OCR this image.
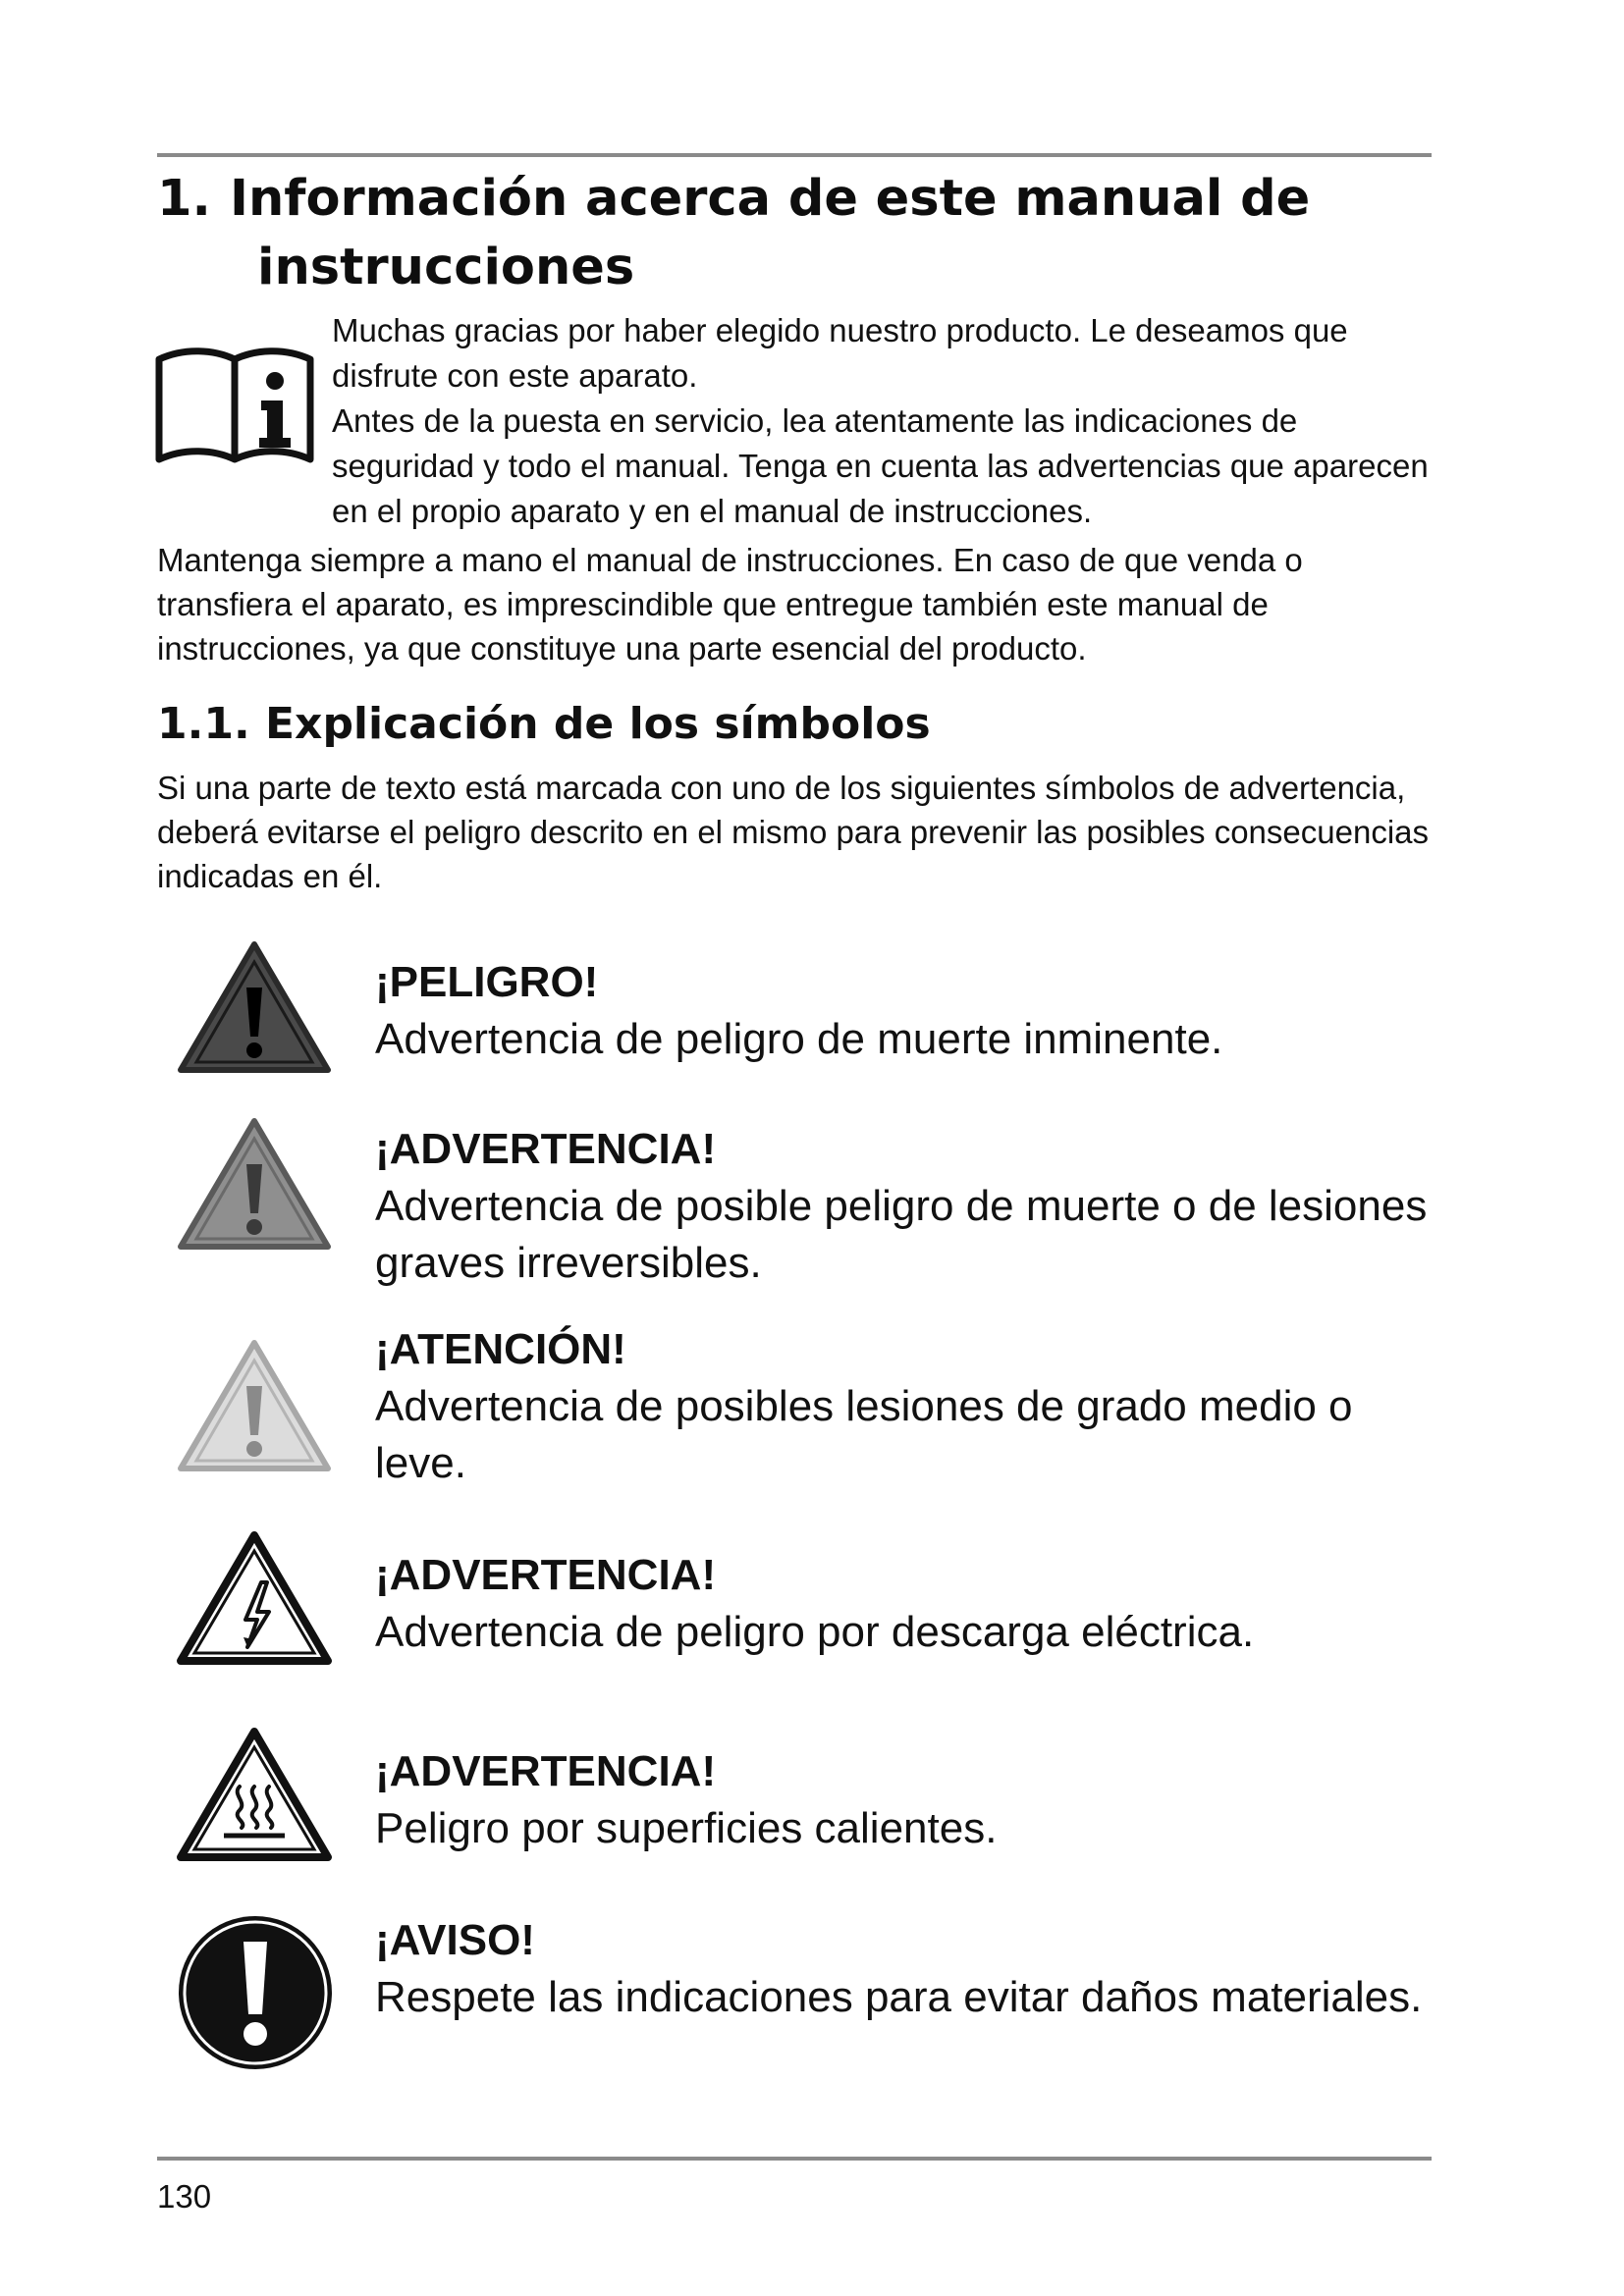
1. Información acerca de este manual de
instrucciones

Muchas gracias por haber elegido nuestro producto. Le deseamos que disfrute con este aparato.

Antes de la puesta en servicio, lea atentamente las indicaciones de seguridad y todo el manual. Tenga en cuenta las advertencias que aparecen en el propio aparato y en el manual de instrucciones.

Mantenga siempre a mano el manual de instrucciones. En caso de que venda o transfiera el aparato, es imprescindible que entregue también este manual de instrucciones, ya que constituye una parte esencial del producto.
1.1. Explicación de los símbolos
Si una parte de texto está marcada con uno de los siguientes símbolos de advertencia, deberá evitarse el peligro descrito en el mismo para prevenir las posibles consecuencias indicadas en él.
¡PELIGRO!
Advertencia de peligro de muerte inminente.
¡ADVERTENCIA!
Advertencia de posible peligro de muerte o de lesiones graves irreversibles.
¡ATENCIÓN!
Advertencia de posibles lesiones de grado medio o leve.
¡ADVERTENCIA!
Advertencia de peligro por descarga eléctrica.
¡ADVERTENCIA!
Peligro por superficies calientes.
¡AVISO!
Respete las indicaciones para evitar daños materiales.
130
